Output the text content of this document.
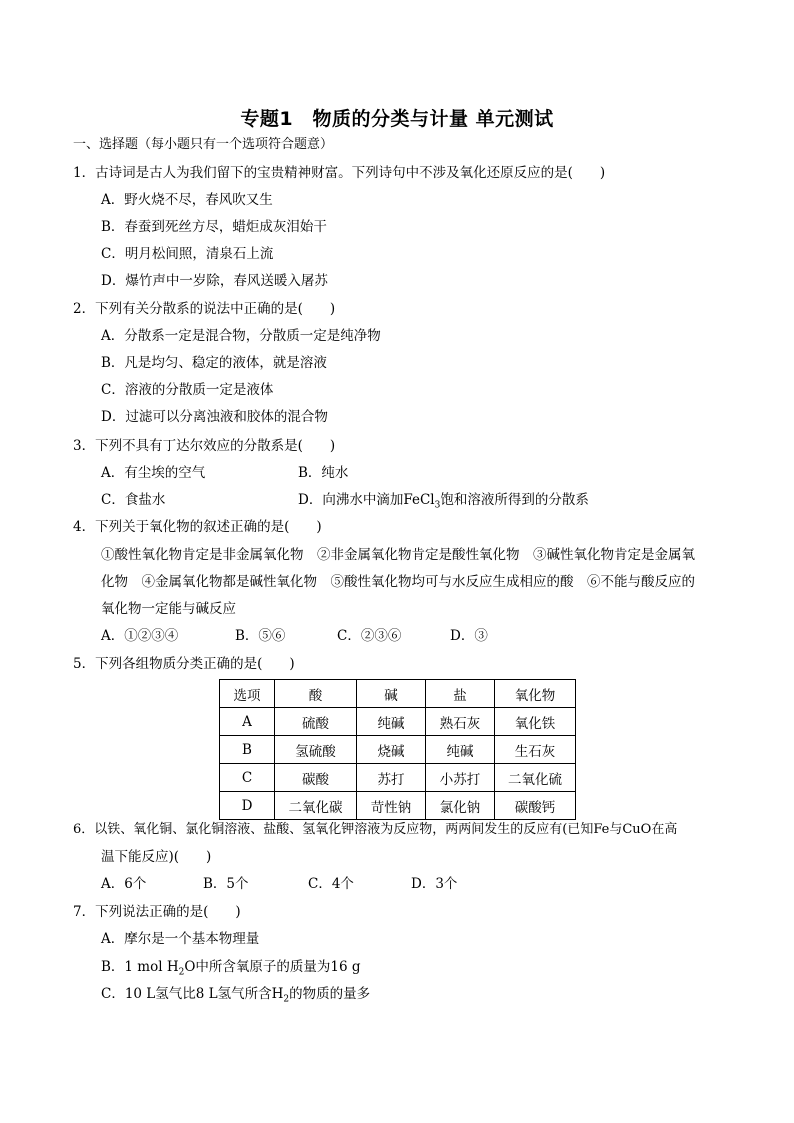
专题1　物质的分类与计量 单元测试
一、选择题（每小题只有一个选项符合题意）
1．古诗词是古人为我们留下的宝贵精神财富。下列诗句中不涉及氧化还原反应的是(　　)
A．野火烧不尽，春风吹又生
B．春蚕到死丝方尽，蜡炬成灰泪始干
C．明月松间照，清泉石上流
D．爆竹声中一岁除，春风送暖入屠苏
2．下列有关分散系的说法中正确的是(　　)
A．分散系一定是混合物，分散质一定是纯净物
B．凡是均匀、稳定的液体，就是溶液
C．溶液的分散质一定是液体
D．过滤可以分离浊液和胶体的混合物
3．下列不具有丁达尔效应的分散系是(　　)
A．有尘埃的空气	B．纯水
C．食盐水	D．向沸水中滴加FeCl$_3$饱和溶液所得到的分散系
4．下列关于氧化物的叙述正确的是(　　)
①酸性氧化物肯定是非金属氧化物　②非金属氧化物肯定是酸性氧化物　③碱性氧化物肯定是金属氧
化物　④金属氧化物都是碱性氧化物　⑤酸性氧化物均可与水反应生成相应的酸　⑥不能与酸反应的
氧化物一定能与碱反应
A．①②③④	B．⑤⑥	C．②③⑥	D．③
5．下列各组物质分类正确的是(　　)
选项	酸	碱	盐	氧化物
A	硫酸	纯碱	熟石灰	氧化铁
B	氢硫酸	烧碱	纯碱	生石灰
C	碳酸	苏打	小苏打	二氧化硫
D	二氧化碳	苛性钠	氯化钠	碳酸钙
6．以铁、氧化铜、氯化铜溶液、盐酸、氢氧化钾溶液为反应物，两两间发生的反应有(已知Fe与CuO在高
温下能反应)(　　)
A．6个	B．5个	C．4个	D．3个
7．下列说法正确的是(　　)
A．摩尔是一个基本物理量
B．1 mol $H_2O$中所含氧原子的质量为16 g
C．10 L氢气比8 L氢气所含$H_2$的物质的量多
